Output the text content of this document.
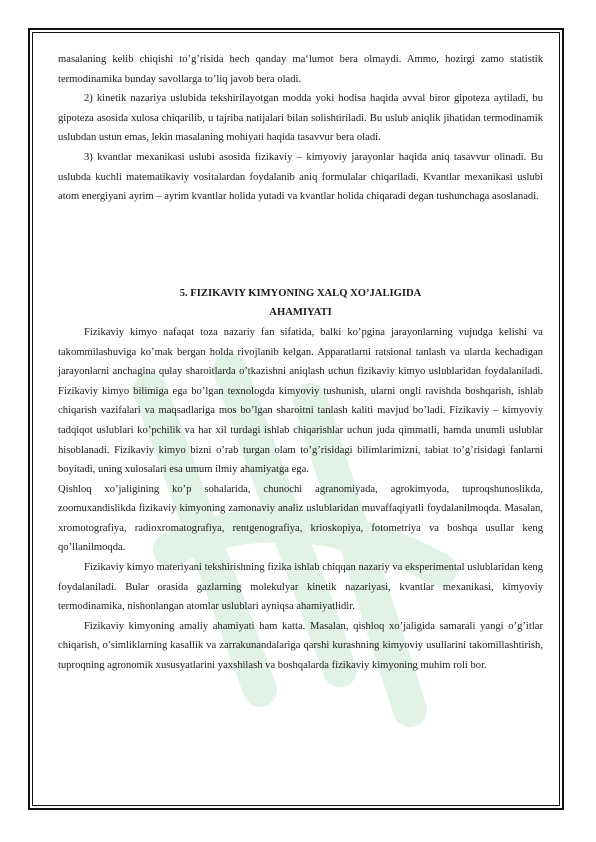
masalaning kelib chiqishi to’g’risida hech qanday ma‘lumot bera olmaydi. Ammo, hozirgi zamo statistik termodinamika bunday savollarga to’liq javob bera oladi.

2) kinetik nazariya uslubida tekshirilayotgan modda yoki hodisa haqida avval biror gipoteza aytiladi, bu gipoteza asosida xulosa chiqarilib, u tajriba natijalari bilan solishtiriladi. Bu uslub aniqlik jihatidan termodinamik uslubdan ustun emas, lekin masalaning mohiyati haqida tasavvur bera oladi.

3) kvantlar mexanikasi uslubi asosida fizikaviy – kimyoviy jarayonlar haqida aniq tasavvur olinadi. Bu uslubda kuchli matematikaviy vositalardan foydalanib aniq formulalar chiqariladi. Kvantlar mexanikasi uslubi atom energiyani ayrim – ayrim kvantlar holida yutadi va kvantlar holida chiqaradi degan tushunchaga asoslanadi.

5. FIZIKAVIY KIMYONING XALQ XO’JALIGIDA

AHAMIYATI

Fizikaviy kimyo nafaqat toza nazariy fan sifatida, balki ko’pgina jarayonlarning vujudga kelishi va takommilashuviga ko’mak bergan holda rivojlanib kelgan. Apparatlarni ratsional tanlash va ularda kechadigan jarayonlarni anchagina qulay sharoitlarda o’tkazishni aniqlash uchun fizikaviy kimyo uslublaridan foydalaniladi. Fizikaviy kimyo bilimiga ega bo’lgan texnologda kimyoviy tushunish, ularni ongli ravishda boshqarish, ishlab chiqarish vazifalari va maqsadlariga mos bo’lgan sharoitni tanlash kaliti mavjud bo’ladi. Fizikaviy – kimyoviy tadqiqot uslublari ko’pchilik va har xil turdagi ishlab chiqarishlar uchun juda qimmatli, hamda unumli uslublar hisoblanadi. Fizikaviy kimyo bizni o’rab turgan olam to’g’risidagi bilimlarimizni, tabiat to’g’risidagi fanlarni boyitadi, uning xulosalari esa umum ilmiy ahamiyatga ega.

Qishloq xo’jaligining ko’p sohalarida, chunochi agranomiyada, agrokimyoda, tuproqshunoslikda, zoomuxandislikda fizikaviy kimyoning zamonaviy analiz uslublaridan muvaffaqiyatli foydalanilmoqda. Masalan, xromotografiya, radioxromatografiya, rentgenografiya, krioskopiya, fotometriya va boshqa usullar keng qo’llanilmoqda.

Fizikaviy kimyo materiyani tekshirishning fizika ishlab chiqqan nazariy va eksperimental uslublaridan keng foydalaniladi. Bular orasida gazlarning molekulyar kinetik nazariyasi, kvantlar mexanikasi, kimyoviy termodinamika, nishonlangan atomlar uslublari ayniqsa ahamiyatlidir.

Fizikaviy kimyoning amaliy ahamiyati ham katta. Masalan, qishloq xo’jaligida samarali yangi o’g’itlar chiqarish, o’simliklarning kasallik va zarrakunandalariga qarshi kurashning kimyoviy usullarini takomillashtirish, tuproqning agronomik xususyatlarini yaxshilash va boshqalarda fizikaviy kimyoning muhim roli bor.
